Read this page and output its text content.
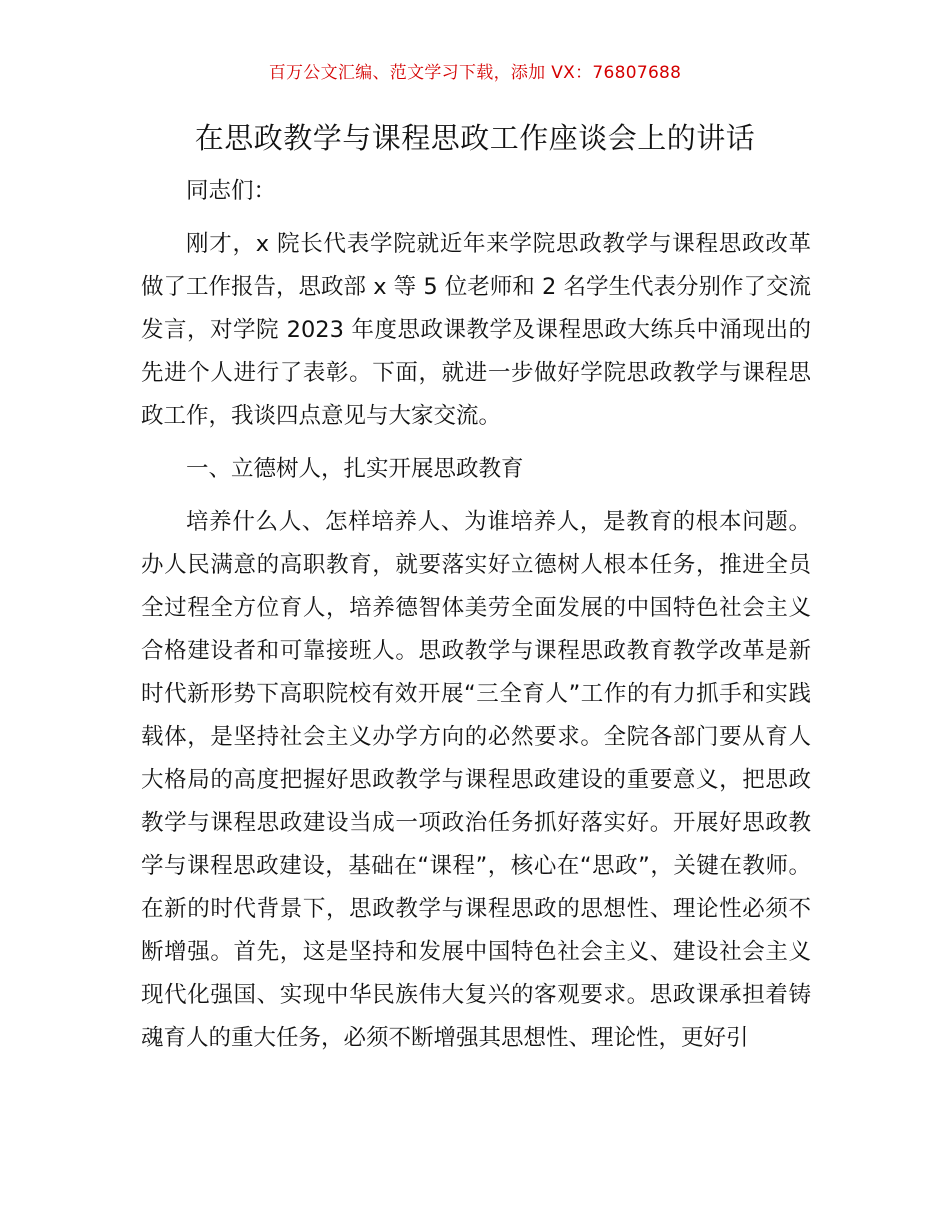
百万公文汇编、范文学习下载，添加 VX：76807688
在思政教学与课程思政工作座谈会上的讲话

同志们：

刚才，x 院长代表学院就近年来学院思政教学与课程思政改革做了工作报告，思政部 x 等 5 位老师和 2 名学生代表分别作了交流发言，对学院 2023 年度思政课教学及课程思政大练兵中涌现出的先进个人进行了表彰。下面，就进一步做好学院思政教学与课程思政工作，我谈四点意见与大家交流。

一、立德树人，扎实开展思政教育

培养什么人、怎样培养人、为谁培养人，是教育的根本问题。办人民满意的高职教育，就要落实好立德树人根本任务，推进全员全过程全方位育人，培养德智体美劳全面发展的中国特色社会主义合格建设者和可靠接班人。思政教学与课程思政教育教学改革是新时代新形势下高职院校有效开展“三全育人”工作的有力抓手和实践载体，是坚持社会主义办学方向的必然要求。全院各部门要从育人大格局的高度把握好思政教学与课程思政建设的重要意义，把思政教学与课程思政建设当成一项政治任务抓好落实好。开展好思政教学与课程思政建设，基础在“课程”，核心在“思政”，关键在教师。在新的时代背景下，思政教学与课程思政的思想性、理论性必须不断增强。首先，这是坚持和发展中国特色社会主义、建设社会主义现代化强国、实现中华民族伟大复兴的客观要求。思政课承担着铸魂育人的重大任务，必须不断增强其思想性、理论性，更好引
